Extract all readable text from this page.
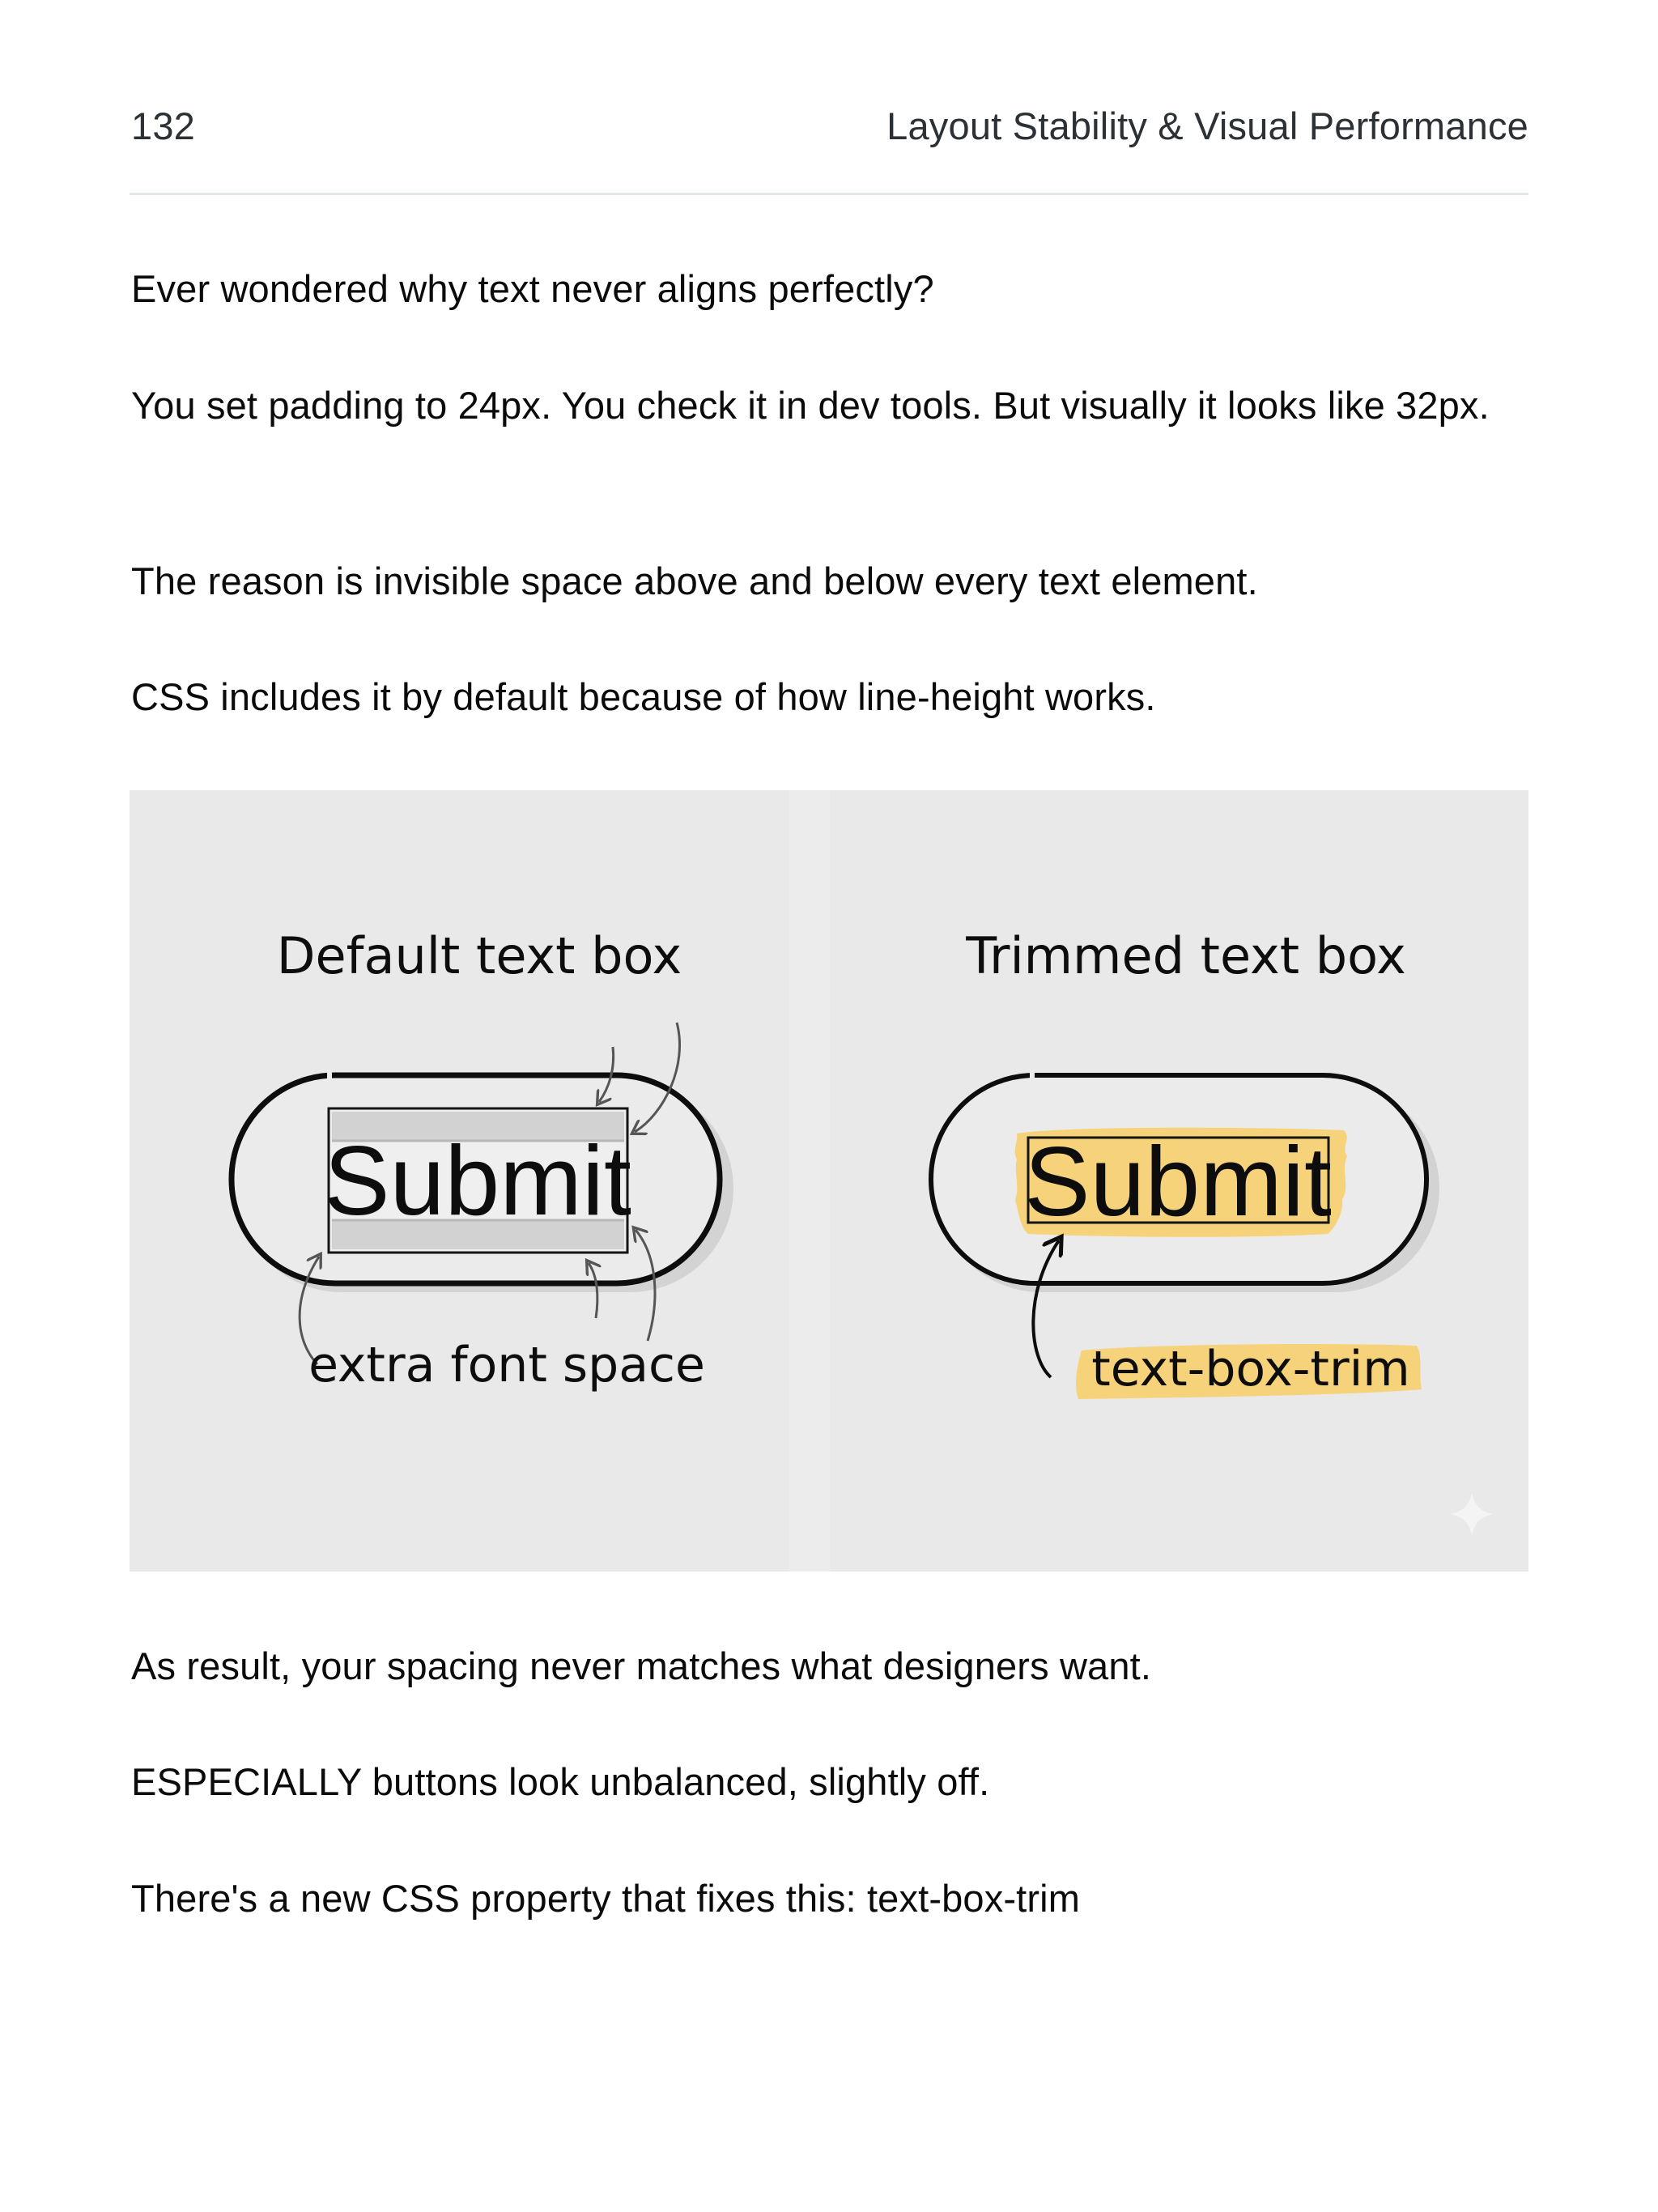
132	Layout Stability & Visual Performance

Ever wondered why text never aligns perfectly?

You set padding to 24px. You check it in dev tools. But visually it looks like 32px.

The reason is invisible space above and below every text element.

CSS includes it by default because of how line-height works.

Default text box
Submit
extra font space
Trimmed text box
Submit
text-box-trim

As result, your spacing never matches what designers want.

ESPECIALLY buttons look unbalanced, slightly off.

There's a new CSS property that fixes this: text-box-trim
